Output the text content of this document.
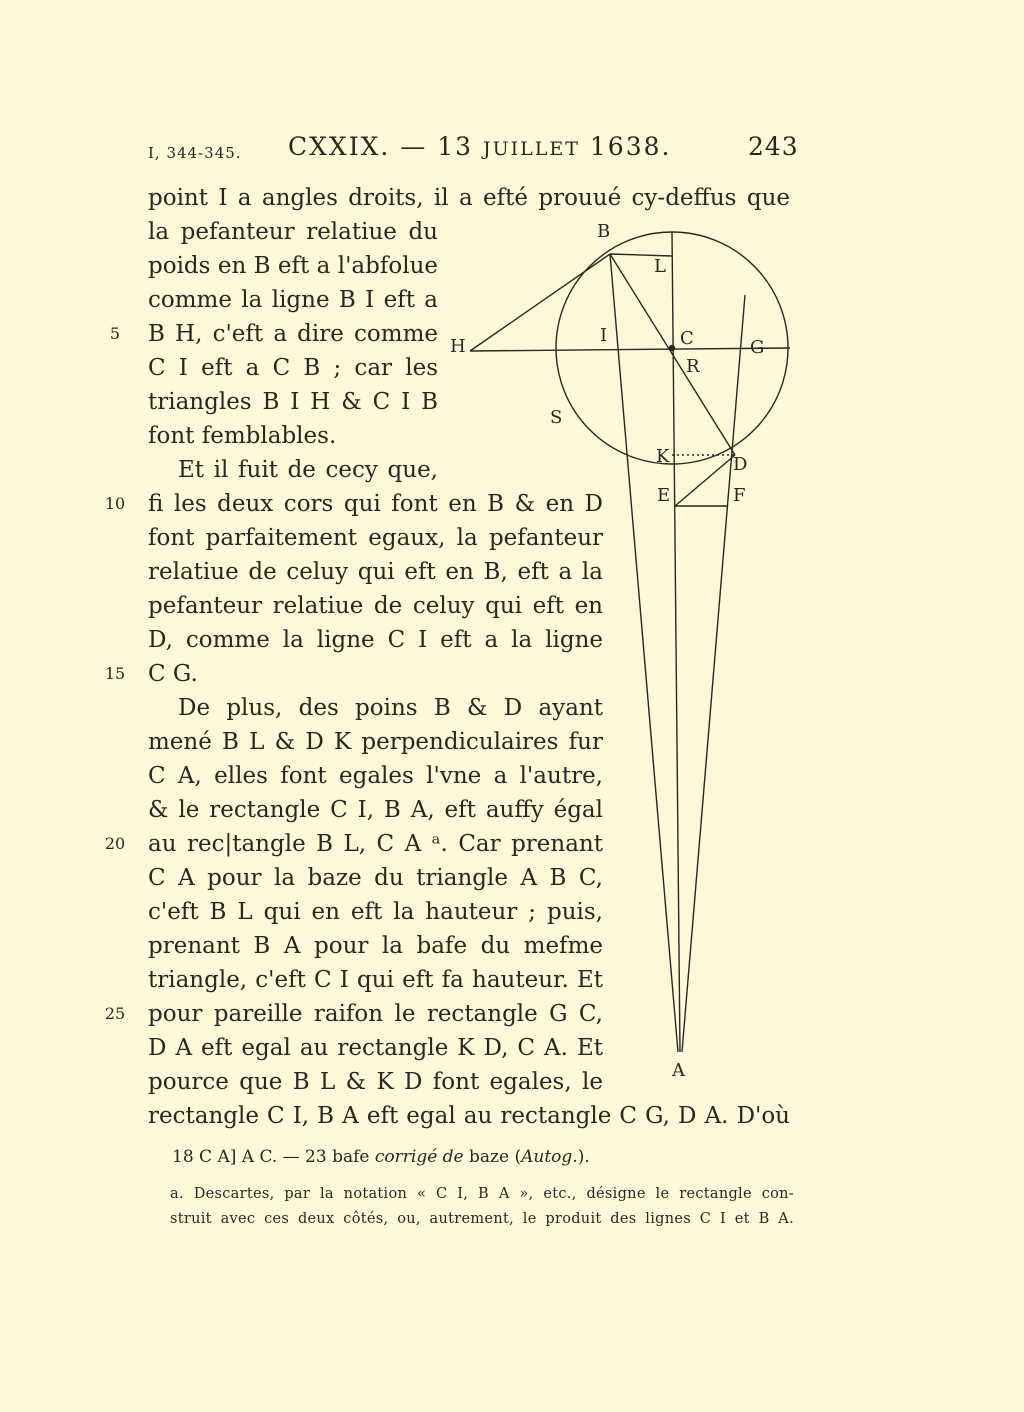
I, 344-345. CXXIX. — 13 JUILLET 1638.	243
point I a angles droits, il a efté prouué cy-deffus que
la pefanteur relatiue du
poids en B eft a l'abfolue
comme la ligne B I eft a
B H, c'eft a dire comme
C I eft a C B ; car les
triangles B I H & C I B
font femblables.
Et il fuit de cecy que,
fi les deux cors qui font en B & en D
font parfaitement egaux, la pefanteur
relatiue de celuy qui eft en B, eft a la
pefanteur relatiue de celuy qui eft en
D, comme la ligne C I eft a la ligne
C G.
De plus, des poins B & D ayant
mené B L & D K perpendiculaires fur
C A, elles font egales l'vne a l'autre,
& le rectangle C I, B A, eft auffy égal
au rec|tangle B L, C A ᵃ. Car prenant
C A pour la baze du triangle A B C,
c'eft B L qui en eft la hauteur ; puis,
prenant B A pour la bafe du mefme
triangle, c'eft C I qui eft fa hauteur. Et
pour pareille raifon le rectangle G C,
D A eft egal au rectangle K D, C A. Et
pource que B L & K D font egales, le
rectangle C I, B A eft egal au rectangle C G, D A. D'où
5
10
15
20
25
18 C A] A C. — 23 bafe corrigé de baze (Autog.).
a. Descartes, par la notation « C I, B A », etc., désigne le rectangle con-
struit avec ces deux côtés, ou, autrement, le produit des lignes C I et B A.
B
L
H
I	C	G
R
S
K	D
E	F
A
